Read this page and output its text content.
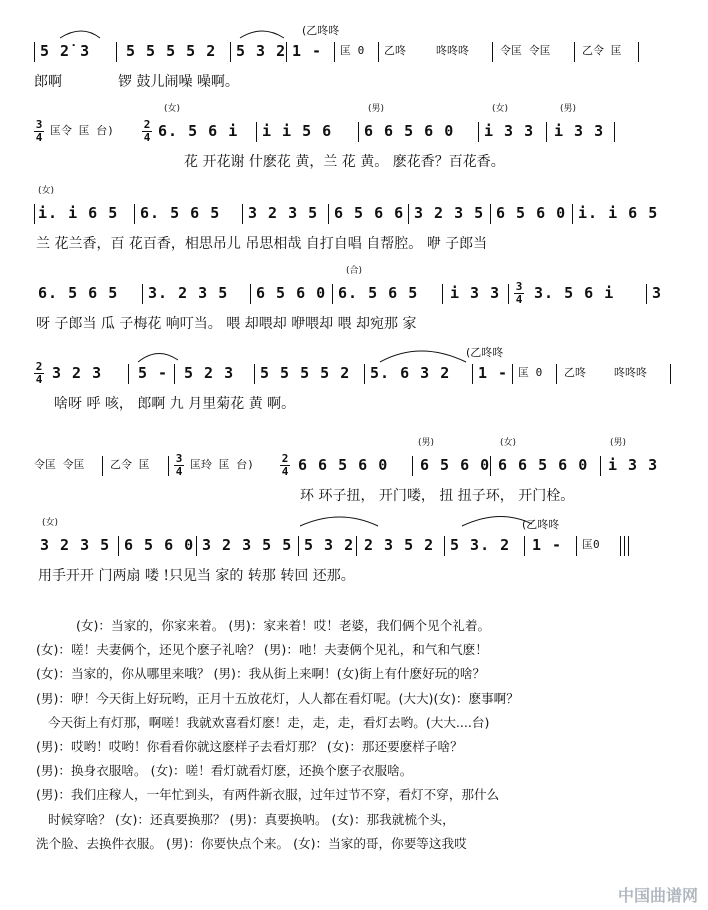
5 2̇ 3 5 5 5 5 2 5 3 2 1 - 匡 0 乙咚	咚咚咚	令匡 令匡	乙令 匡
(乙咚咚
郎啊	锣 鼓儿闹噪 噪啊。
3
4
匡令 匡 台)	2
4 6. 5 6 i i i 5 6 6 6 5 6 0 i 3 3 i 3 3
(女)	(男)	(女)	(男)
花 开花谢 什麽花 黄，兰 花 黄。 麽花香？百花香。
i. i 6 5 6. 5 6 5 3 2 3 5 6 5 6 6 3 2 3 5 6 5 6 0 i. i 6 5
(女)
兰 花兰香，百 花百香，相思吊儿 吊思相哉 自打自唱 自帮腔。 咿 子郎当
6. 5 6 5 3. 2 3 5 6 5 6 0 6. 5 6 5 i 3 3 3
4 3. 5 6 i	3
(合)
呀 子郎当 瓜 子梅花 响叮当。 喂 却喂却 咿喂却 喂 却宛那 家
2
4 3 2 3 5 - 5 2 3 5 5 5 5 2 5. 6 3 2 1 - 匡 0 乙咚	咚咚咚
(乙咚咚
啥呀 呼 咳， 郎啊 九 月里菊花 黄 啊。
令匡 令匡 乙令 匡 3
4
匡玲 匡 台)	2
4 6 6 5 6 0 6 5 6 0 6 6 5 6 0 i 3 3
(男)	(女)	(男)
环 环子扭， 开门喽， 扭 扭子环， 开门栓。
3 2 3 5 6 5 6 0 3 2 3 5 5 5 3 2 2 3 5 2 5 3. 2 1 - 匡0
(女)	(乙咚咚
用手开开 门两扇 喽 !只见当 家的 转那 转回 还那。
(女)：当家的，你家来着。 (男)：家来着！哎！老婆，我们俩个见个礼着。
(女)：嗟！夫妻俩个，还见个麽子礼啥？ (男)：吔！夫妻俩个见礼，和气和气麽！
(女)：当家的，你从哪里来哦？ (男)：我从街上来啊！(女)街上有什麽好玩的啥？
(男)：咿！今天街上好玩哟，正月十五放花灯，人人都在看灯呢。(大大)(女)：麽事啊？
今天街上有灯那，啊嗟！我就欢喜看灯麽！走，走，走，看灯去哟。(大大....台)
(男)：哎哟！哎哟！你看看你就这麽样子去看灯那？ (女)：那还要麽样子啥？
(男)：换身衣服啥。 (女)：嗟！看灯就看灯麽，还换个麽子衣服啥。
(男)：我们庄稼人，一年忙到头，有两件新衣服，过年过节不穿，看灯不穿，那什么
时候穿啥？ (女)：还真要换那？ (男)：真要换呐。 (女)：那我就梳个头，
洗个脸、去换件衣服。 (男)：你要快点个来。 (女)：当家的哥，你要等这我哎
中国曲谱网
